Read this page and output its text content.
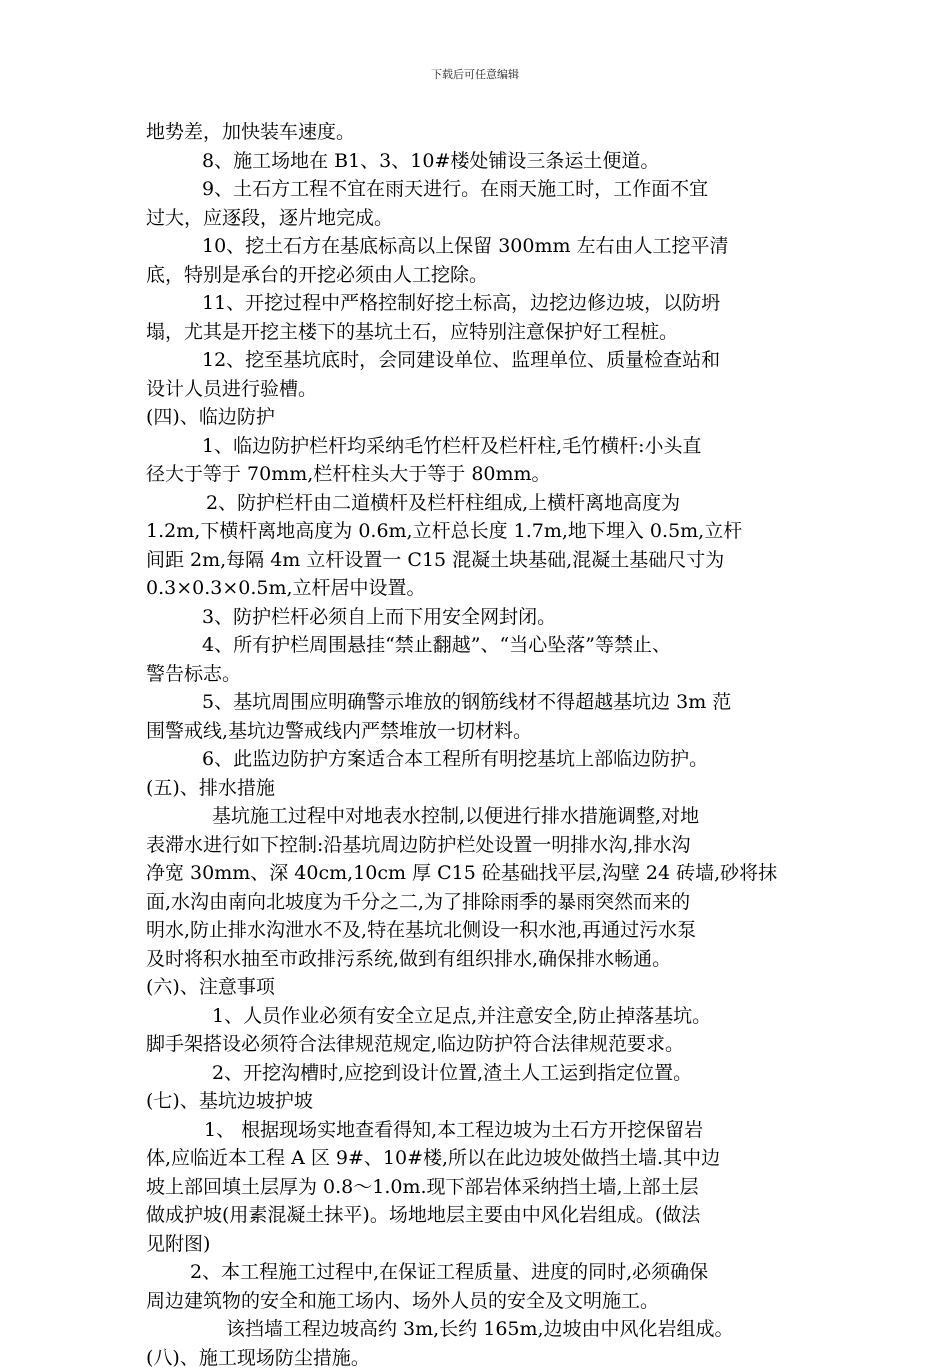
下载后可任意编辑
地势差，加快装车速度。
8、施工场地在 B1、3、10#楼处铺设三条运土便道。
9、土石方工程不宜在雨天进行。在雨天施工时，工作面不宜
过大，应逐段，逐片地完成。
10、挖土石方在基底标高以上保留 300mm 左右由人工挖平清
底，特别是承台的开挖必须由人工挖除。
11、开挖过程中严格控制好挖土标高，边挖边修边坡，以防坍
塌，尤其是开挖主楼下的基坑土石，应特别注意保护好工程桩。
12、挖至基坑底时，会同建设单位、监理单位、质量检查站和
设计人员进行验槽。
(四)、临边防护
1、临边防护栏杆均采纳毛竹栏杆及栏杆柱,毛竹横杆:小头直
径大于等于 70mm,栏杆柱头大于等于 80mm。
2、防护栏杆由二道横杆及栏杆柱组成,上横杆离地高度为
1.2m,下横杆离地高度为 0.6m,立杆总长度 1.7m,地下埋入 0.5m,立杆
间距 2m,每隔 4m 立杆设置一 C15 混凝土块基础,混凝土基础尺寸为
0.3×0.3×0.5m,立杆居中设置。
3、防护栏杆必须自上而下用安全网封闭。
4、所有护栏周围悬挂“禁止翻越”、“当心坠落”等禁止、
警告标志。
5、基坑周围应明确警示堆放的钢筋线材不得超越基坑边 3m 范
围警戒线,基坑边警戒线内严禁堆放一切材料。
6、此监边防护方案适合本工程所有明挖基坑上部临边防护。
(五)、排水措施
基坑施工过程中对地表水控制,以便进行排水措施调整,对地
表滞水进行如下控制:沿基坑周边防护栏处设置一明排水沟,排水沟
净宽 30mm、深 40cm,10cm 厚 C15 砼基础找平层,沟壁 24 砖墙,砂将抹
面,水沟由南向北坡度为千分之二,为了排除雨季的暴雨突然而来的
明水,防止排水沟泄水不及,特在基坑北侧设一积水池,再通过污水泵
及时将积水抽至市政排污系统,做到有组织排水,确保排水畅通。
(六)、注意事项
1、人员作业必须有安全立足点,并注意安全,防止掉落基坑。
脚手架搭设必须符合法律规范规定,临边防护符合法律规范要求。
2、开挖沟槽时,应挖到设计位置,渣土人工运到指定位置。
(七)、基坑边坡护坡
1、 根据现场实地查看得知,本工程边坡为土石方开挖保留岩
体,应临近本工程 A 区 9#、10#楼,所以在此边坡处做挡土墙.其中边
坡上部回填土层厚为 0.8～1.0m.现下部岩体采纳挡土墙,上部土层
做成护坡(用素混凝土抹平)。场地地层主要由中风化岩组成。(做法
见附图)
2、本工程施工过程中,在保证工程质量、进度的同时,必须确保
周边建筑物的安全和施工场内、场外人员的安全及文明施工。
该挡墙工程边坡高约 3m,长约 165m,边坡由中风化岩组成。
(八)、施工现场防尘措施。
